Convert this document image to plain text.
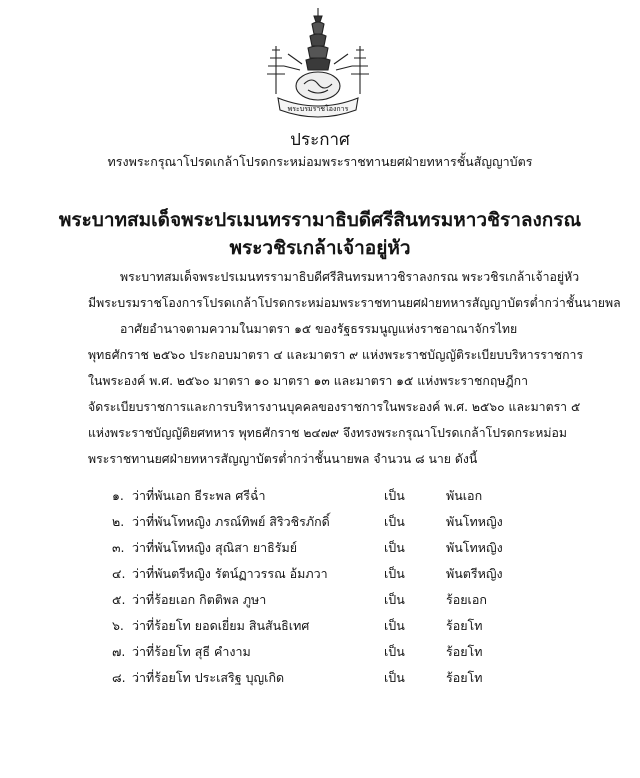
พระบรมราชโองการ
ประกาศ
ทรงพระกรุณาโปรดเกล้าโปรดกระหม่อมพระราชทานยศฝ่ายทหารชั้นสัญญาบัตร
พระบาทสมเด็จพระปรเมนทรรามาธิบดีศรีสินทรมหาวชิราลงกรณ
พระวชิรเกล้าเจ้าอยู่หัว
พระบาทสมเด็จพระปรเมนทรรามาธิบดีศรีสินทรมหาวชิราลงกรณ พระวชิรเกล้าเจ้าอยู่หัว
มีพระบรมราชโองการโปรดเกล้าโปรดกระหม่อมพระราชทานยศฝ่ายทหารสัญญาบัตรต่ำกว่าชั้นนายพล
อาศัยอำนาจตามความในมาตรา ๑๕ ของรัฐธรรมนูญแห่งราชอาณาจักรไทย
พุทธศักราช ๒๕๖๐ ประกอบมาตรา ๔ และมาตรา ๙ แห่งพระราชบัญญัติระเบียบบริหารราชการ
ในพระองค์ พ.ศ. ๒๕๖๐ มาตรา ๑๐ มาตรา ๑๓ และมาตรา ๑๕ แห่งพระราชกฤษฎีกา
จัดระเบียบราชการและการบริหารงานบุคคลของราชการในพระองค์ พ.ศ. ๒๕๖๐ และมาตรา ๕
แห่งพระราชบัญญัติยศทหาร พุทธศักราช ๒๔๗๙ จึงทรงพระกรุณาโปรดเกล้าโปรดกระหม่อม
พระราชทานยศฝ่ายทหารสัญญาบัตรต่ำกว่าชั้นนายพล จำนวน ๘ นาย ดังนี้
๑. ว่าที่พันเอก ธีระพล ศรีฉ่ำ	เป็น	พันเอก
๒. ว่าที่พันโทหญิง ภรณ์ทิพย์ สิริวชิรภักดิ์	เป็น	พันโทหญิง
๓. ว่าที่พันโทหญิง สุณิสา ยาธิรัมย์	เป็น	พันโทหญิง
๔. ว่าที่พันตรีหญิง รัตน์ฏาวรรณ อ้มภวา	เป็น	พันตรีหญิง
๕. ว่าที่ร้อยเอก กิตติพล ภูษา	เป็น	ร้อยเอก
๖. ว่าที่ร้อยโท ยอดเยี่ยม สินสันธิเทศ	เป็น	ร้อยโท
๗. ว่าที่ร้อยโท สุธี คำงาม	เป็น	ร้อยโท
๘. ว่าที่ร้อยโท ประเสริฐ บุญเกิด	เป็น	ร้อยโท
